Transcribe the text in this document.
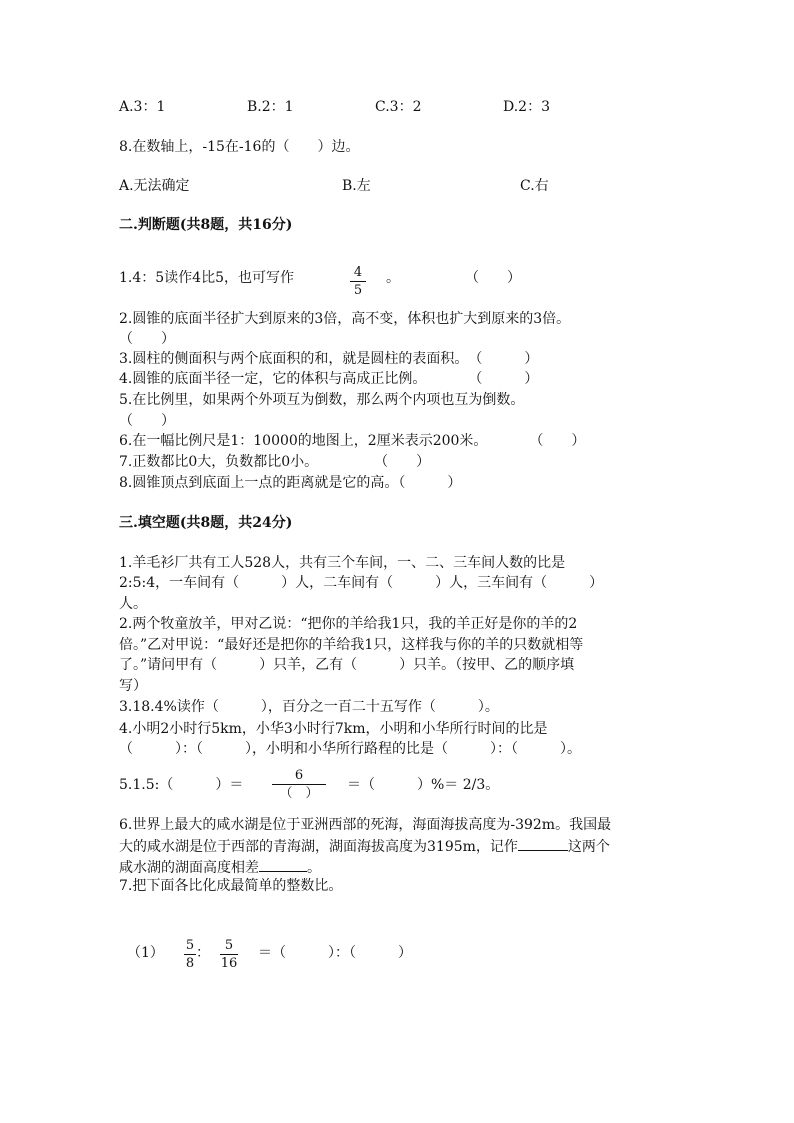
A.3：1	B.2：1	C.3：2	D.2：3
8.在数轴上，-15在-16的（　　）边。
A.无法确定	B.左	C.右
二.判断题(共8题，共16分)
1.4：5读作4比5，也可写作	4
5
。	（　　）
2.圆锥的底面半径扩大到原来的3倍，高不变，体积也扩大到原来的3倍。
（　　）
3.圆柱的侧面积与两个底面积的和，就是圆柱的表面积。　（　　　）
4.圆锥的底面半径一定，它的体积与高成正比例。　　　　（　　　）
5.在比例里，如果两个外项互为倒数，那么两个内项也互为倒数。
（　　）
6.在一幅比例尺是1：10000的地图上，2厘米表示200米。　　　　（　　）
7.正数都比0大，负数都比0小。　　　　　（　　）
8.圆锥顶点到底面上一点的距离就是它的高。（　　　）
三.填空题(共8题，共24分)
1.羊毛衫厂共有工人528人，共有三个车间，一、二、三车间人数的比是
2:5:4，一车间有（　　　）人，二车间有（　　　）人，三车间有（　　　）
人。
2.两个牧童放羊，甲对乙说：“把你的羊给我1只，我的羊正好是你的羊的2
倍。”乙对甲说：“最好还是把你的羊给我1只，这样我与你的羊的只数就相等
了。”请问甲有（　　　）只羊，乙有（　　　）只羊。（按甲、乙的顺序填
写）
3.18.4%读作（　　　），百分之一百二十五写作（　　　）。
4.小明2小时行5km，小华3小时行7km，小明和小华所行时间的比是
（　　　）：（　　　），小明和小华所行路程的比是（　　　）：（　　　）。
5.1.5:（　　　）＝
6
（　）
＝（　　　）%＝ 2/3。
6.世界上最大的咸水湖是位于亚洲西部的死海，海面海拔高度为-392m。我国最
大的咸水湖是位于西部的青海湖，湖面海拔高度为3195m，记作	这两个
咸水湖的湖面高度相差	。
7.把下面各比化成最简单的整数比。
（1） 5
8
：	5
16
＝（　　　）：（　　　）
